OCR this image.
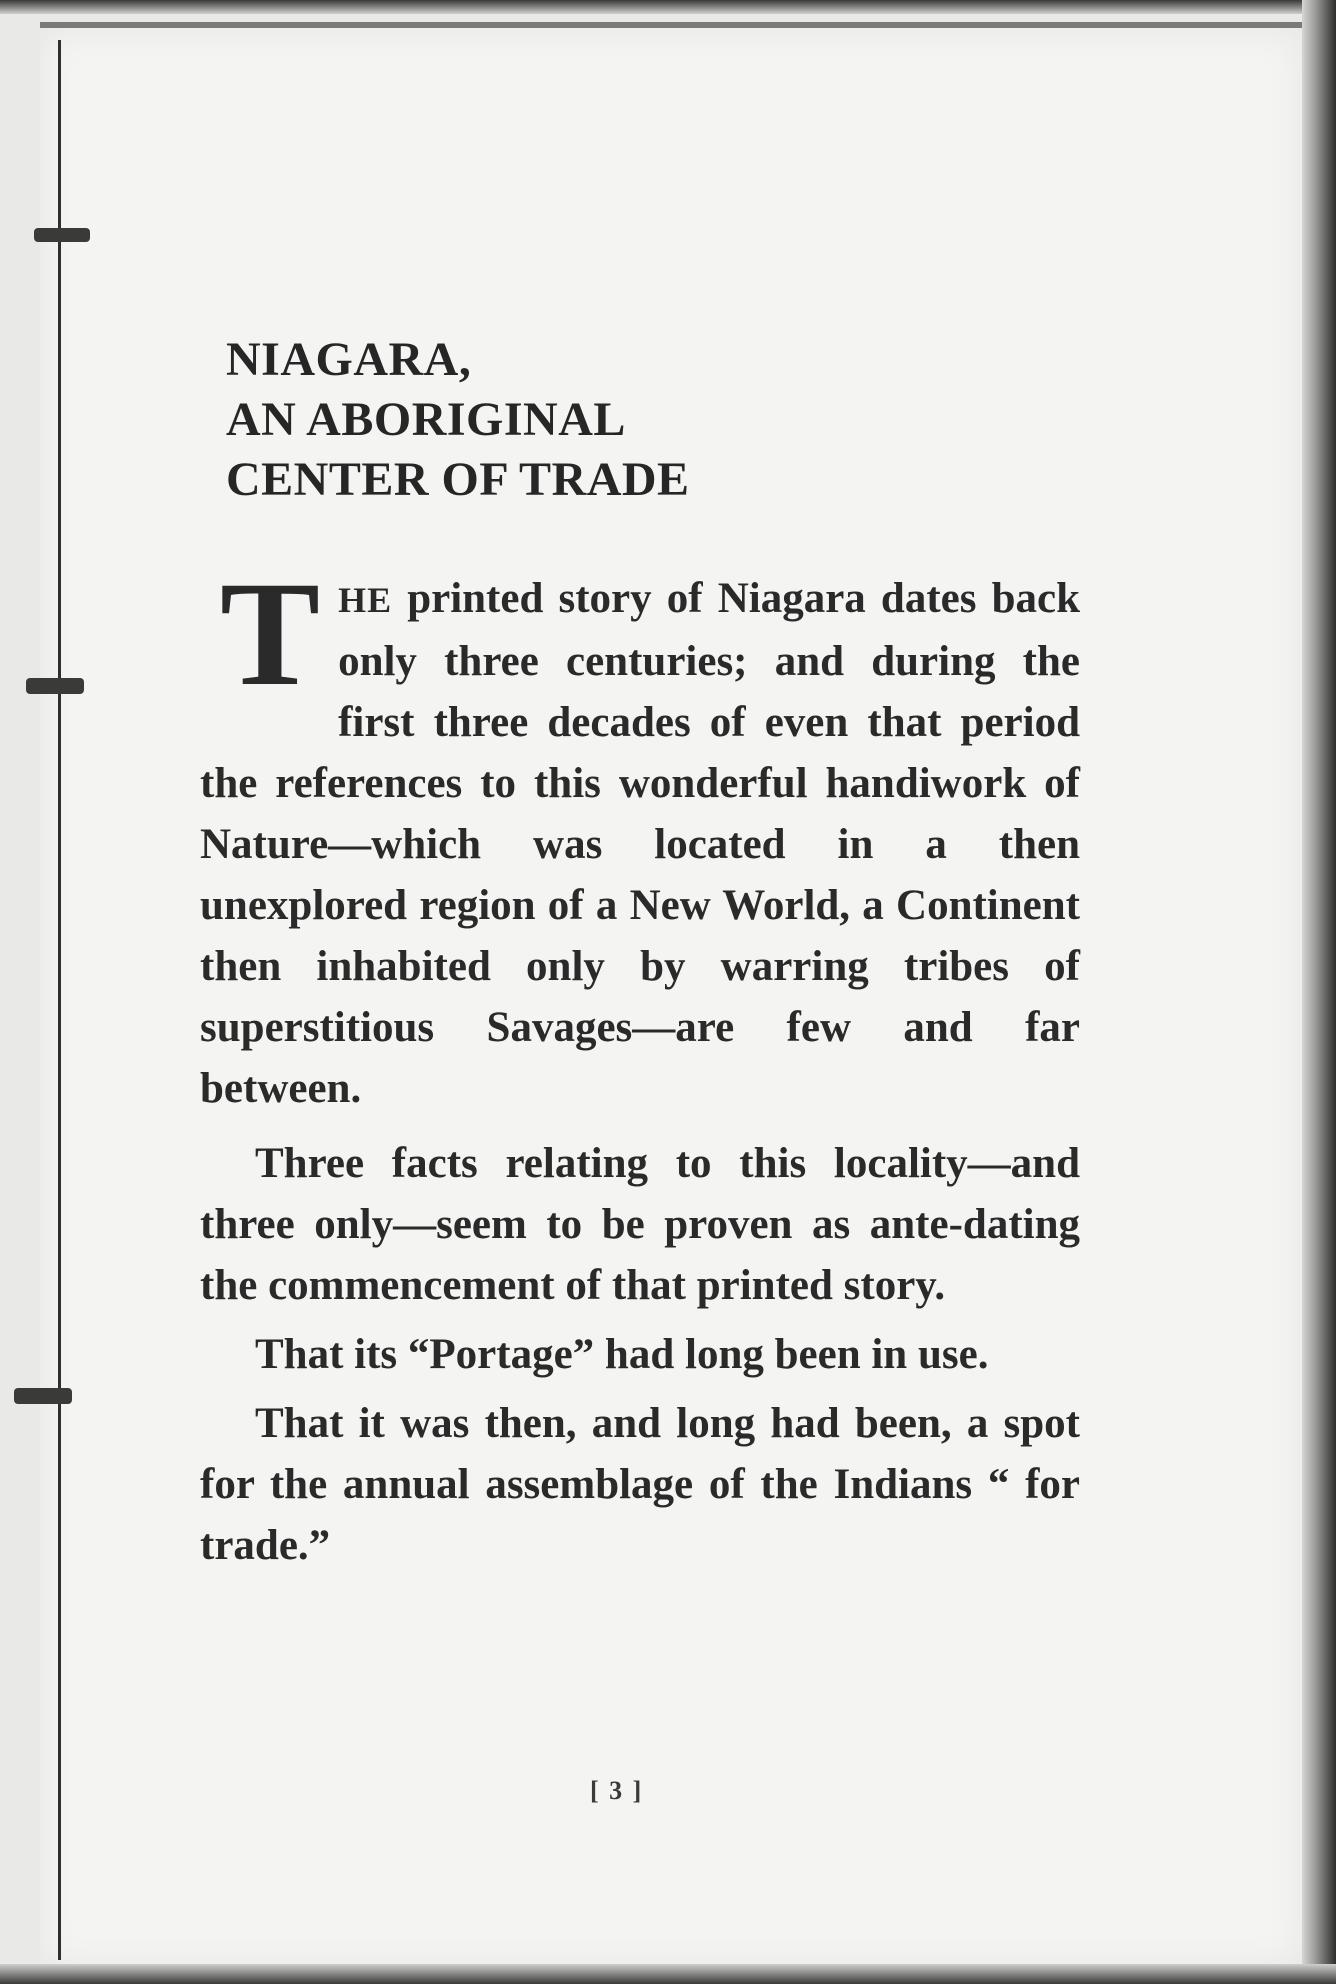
NIAGARA,
AN ABORIGINAL
CENTER OF TRADE

THE printed story of Niagara dates back only three centuries; and during the first three decades of even that period the references to this wonderful handiwork of Nature—which was located in a then unexplored region of a New World, a Continent then inhabited only by warring tribes of superstitious Savages—are few and far between.

Three facts relating to this locality—and three only—seem to be proven as ante-dating the commencement of that printed story.

That its “Portage” had long been in use.

That it was then, and long had been, a spot for the annual assemblage of the Indians “ for trade.”

[ 3 ]
